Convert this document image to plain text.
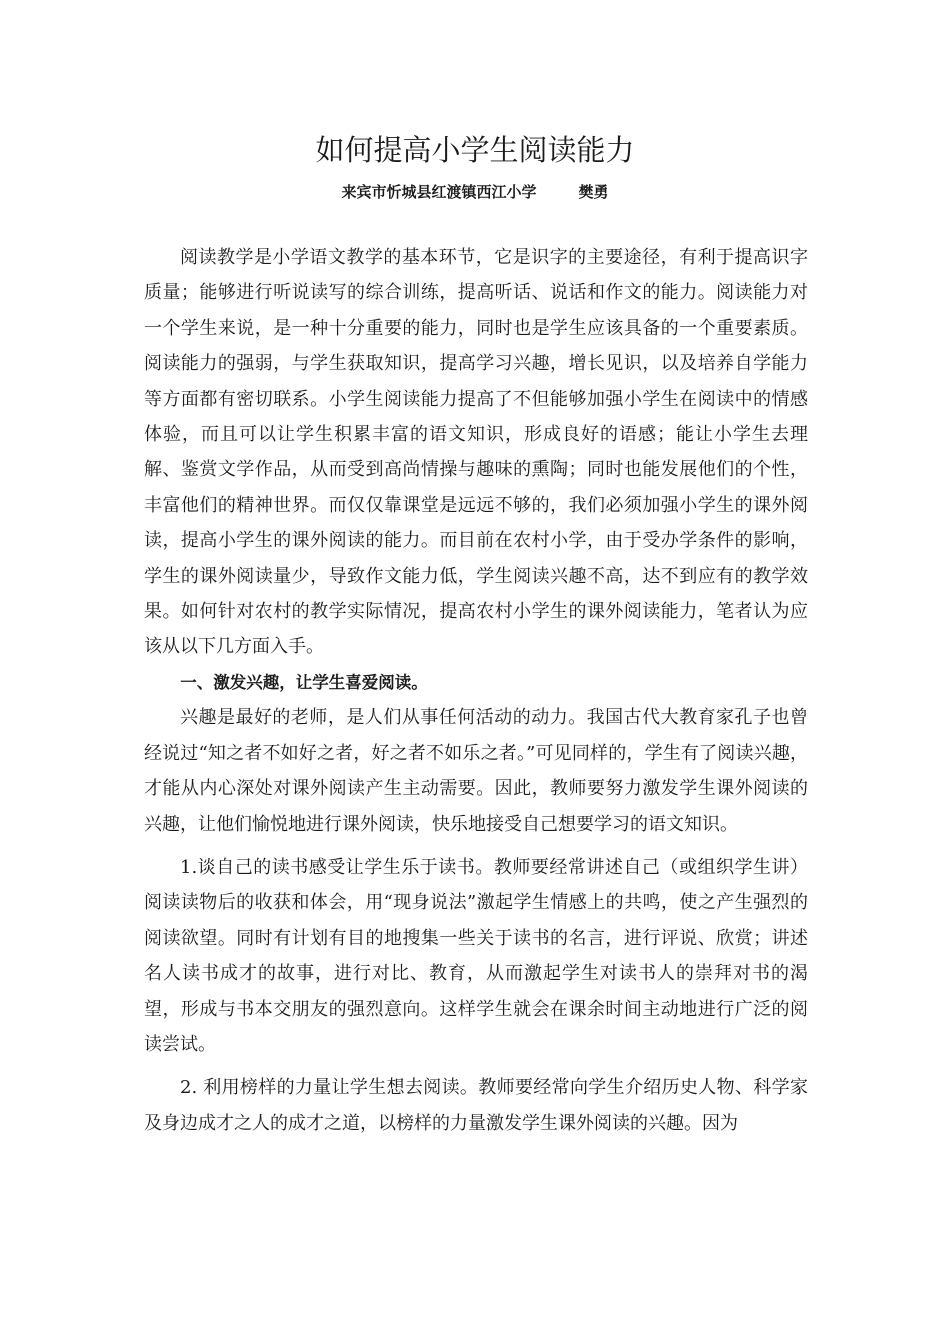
如何提高小学生阅读能力

来宾市忻城县红渡镇西江小学	樊勇

阅读教学是小学语文教学的基本环节，它是识字的主要途径，有利于提高识字质量；能够进行听说读写的综合训练，提高听话、说话和作文的能力。阅读能力对一个学生来说，是一种十分重要的能力，同时也是学生应该具备的一个重要素质。阅读能力的强弱，与学生获取知识，提高学习兴趣，增长见识，以及培养自学能力等方面都有密切联系。小学生阅读能力提高了不但能够加强小学生在阅读中的情感体验，而且可以让学生积累丰富的语文知识，形成良好的语感；能让小学生去理解、鉴赏文学作品，从而受到高尚情操与趣味的熏陶；同时也能发展他们的个性，丰富他们的精神世界。而仅仅靠课堂是远远不够的，我们必须加强小学生的课外阅读，提高小学生的课外阅读的能力。而目前在农村小学，由于受办学条件的影响，学生的课外阅读量少，导致作文能力低，学生阅读兴趣不高，达不到应有的教学效果。如何针对农村的教学实际情况，提高农村小学生的课外阅读能力，笔者认为应该从以下几方面入手。

一、激发兴趣，让学生喜爱阅读。

兴趣是最好的老师，是人们从事任何活动的动力。我国古代大教育家孔子也曾经说过“知之者不如好之者，好之者不如乐之者。”可见同样的，学生有了阅读兴趣，才能从内心深处对课外阅读产生主动需要。因此，教师要努力激发学生课外阅读的兴趣，让他们愉悦地进行课外阅读，快乐地接受自己想要学习的语文知识。

1.谈自己的读书感受让学生乐于读书。教师要经常讲述自己（或组织学生讲）阅读读物后的收获和体会，用“现身说法”激起学生情感上的共鸣，使之产生强烈的阅读欲望。同时有计划有目的地搜集一些关于读书的名言，进行评说、欣赏；讲述名人读书成才的故事，进行对比、教育，从而激起学生对读书人的崇拜对书的渴望，形成与书本交朋友的强烈意向。这样学生就会在课余时间主动地进行广泛的阅读尝试。

2. 利用榜样的力量让学生想去阅读。教师要经常向学生介绍历史人物、科学家及身边成才之人的成才之道，以榜样的力量激发学生课外阅读的兴趣。因为
